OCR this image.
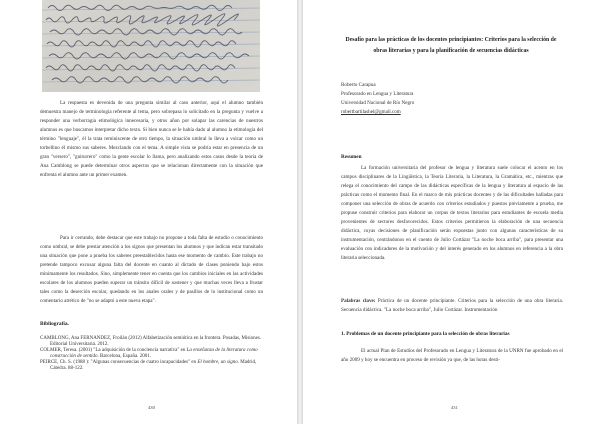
La respuesta es devenida de una pregunta similar al caso anterior, aquí el alumno también demuestra manejo de terminología referente al tema, pero sobrepasa lo solicitado en la pregunta y vuelve a responder una verborragia etimológica innecesaria, y otros añon por solapar las carencias de nuestros alumnos es que buscamos interpretar dicho texto. Si bien nunca se le había dado al alumno la etimología del término "lenguaje", él la trata reminiscente de otro tiempo, la situación umbral lo lleva a volcar como un torbellino él mismo sus saberes. Mezclando con el tema. A simple vista se podría estar en presencia de un gran "versero", "guiturrero" como la gente escolar lo llama, pero analizando estos casos desde la teoría de Ana Camblong se puede determinar otros aspectos que se relacionan directamente con la situación que enfrenta el alumno ante un primer examen.

Para ir cerrando, debe destacar que este trabajo no propone a toda falta de estudio o conocimiento como umbral, se debe prestar atención a los signos que presentan los alumnos y que indican estar transitado una situación que pone a prueba los saberes preestablecidos hasta ese momento de cambio. Este trabajo no pretende tampoco excusar alguna falta del docente en cuanto al dictado de clases poniendo bajo estos minimamente los resultados. Sino, simplemente tener en cuenta que los cambios iniciales en las actividades escolares de los alumnos pueden superar un tránsito difícil de sostener y que muchas veces lleva a frustar tales como la deserción escolar, quedando en los anales orales y de pasillos de lo institucional como un comentario atrético de "no se adaptó a este nueva etapa".

Bibliografía.

CAMBLONG, Ana FERNANDEZ, Froilán (2012) Alfabetización semiótica en la frontera. Posadas, Misiones. Editorial Universitaria. 2012.
COLMER, Teresa. (2001) "La adquisición de la conciencia narrativa" en La enseñanza de la literatura como construcción de sentido. Barcelona, España. 2001.
PEIRCE, Ch. S. (1988 ): "Algunas consecuencias de cuatro incapacidades" en El hombre, un signo. Madrid, Cátedra. 88-122.
430
Desafío para las prácticas de los docentes principiantes: Criterios para la selección de obras literarias y para la planificación de secuencias didácticas
Roberto Carapua
Profesorado en Lengua y Literatura
Universidad Nacional de Río Negro
robertbartilashel@gmail.com

Resumen

La formación universitaria del profesor de lengua y literatura suele colocar el acento en los campos disciplinares de la Lingüística, la Teoría Literaria, la Literatura, la Gramática, etc., mientras que relega el conocimiento del campo de las didácticas específicas de la lengua y literatura al espacio de las prácticas como el momento final. En el marco de mis prácticas docentes y de las dificultades halladas para componer una selección de obras de acuerdo con criterios estudiados y puestos previamente a prueba, me propuse construir criterios para elaborar un corpus de textos literarios para estudiantes de escuela media provenientes de sectores desfavorecidos. Estos criterios permitieron la elaboración de una secuencia didáctica, cuyas decisiones de planificación serán expuestas junto con algunas características de su instrumentación, centrándonos en el cuento de Julio Cortázar "La noche boca arriba", para presentar una evaluación con indicadores de la motivación y del interés generado en los alumnos en referencia a la obra literaria seleccionada.

Palabras clave: Práctica de un docente principiante. Criterios para la selección de una obra literaria. Secuencia didáctica. "La noche boca arriba", Julio Cortázar. Instrumentación

1. Problemas de un docente principiante para la selección de obras literarias

El actual Plan de Estudios del Profesorado en Lengua y Literatura de la UNRN fue aprobado en el año 2009 y hoy se encuentra en proceso de revisión ya que, de las horas desti-

431
